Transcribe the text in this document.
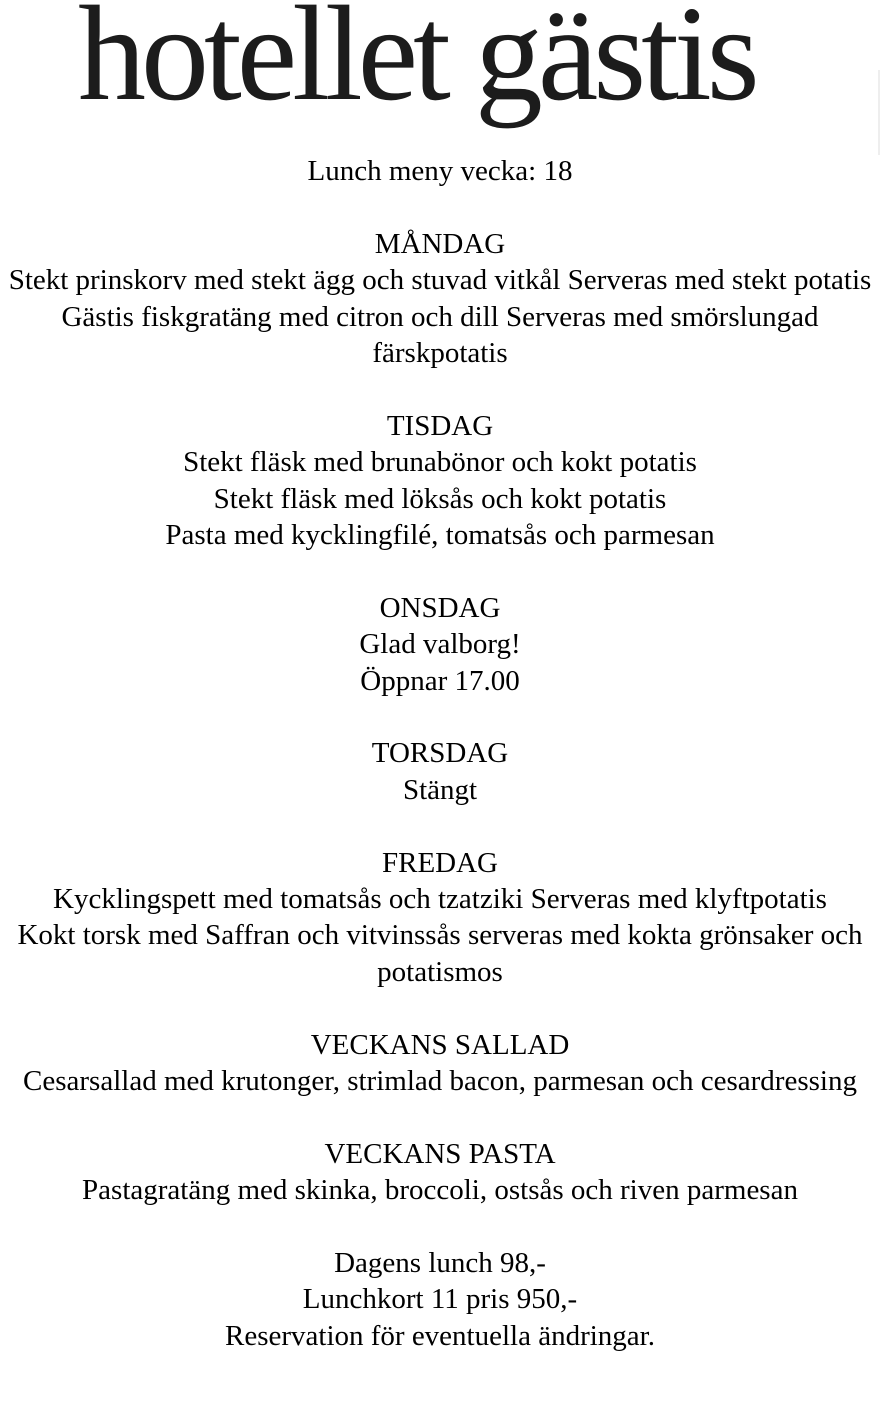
hotellet gästis
Lunch meny vecka: 18
MÅNDAG
Stekt prinskorv med stekt ägg och stuvad vitkål Serveras med stekt potatis
Gästis fiskgratäng med citron och dill Serveras med smörslungad färskpotatis
TISDAG
Stekt fläsk med brunabönor och kokt potatis
Stekt fläsk med löksås och kokt potatis
Pasta med kycklingfilé, tomatsås och parmesan
ONSDAG
Glad valborg!
Öppnar 17.00
TORSDAG
Stängt
FREDAG
Kycklingspett med tomatsås och tzatziki Serveras med klyftpotatis
Kokt torsk med Saffran och vitvinssås serveras med kokta grönsaker och potatismos
VECKANS SALLAD
Cesarsallad med krutonger, strimlad bacon, parmesan och cesardressing
VECKANS PASTA
Pastagratäng med skinka, broccoli, ostsås och riven parmesan
Dagens lunch 98,-
Lunchkort 11 pris 950,-
Reservation för eventuella ändringar.
